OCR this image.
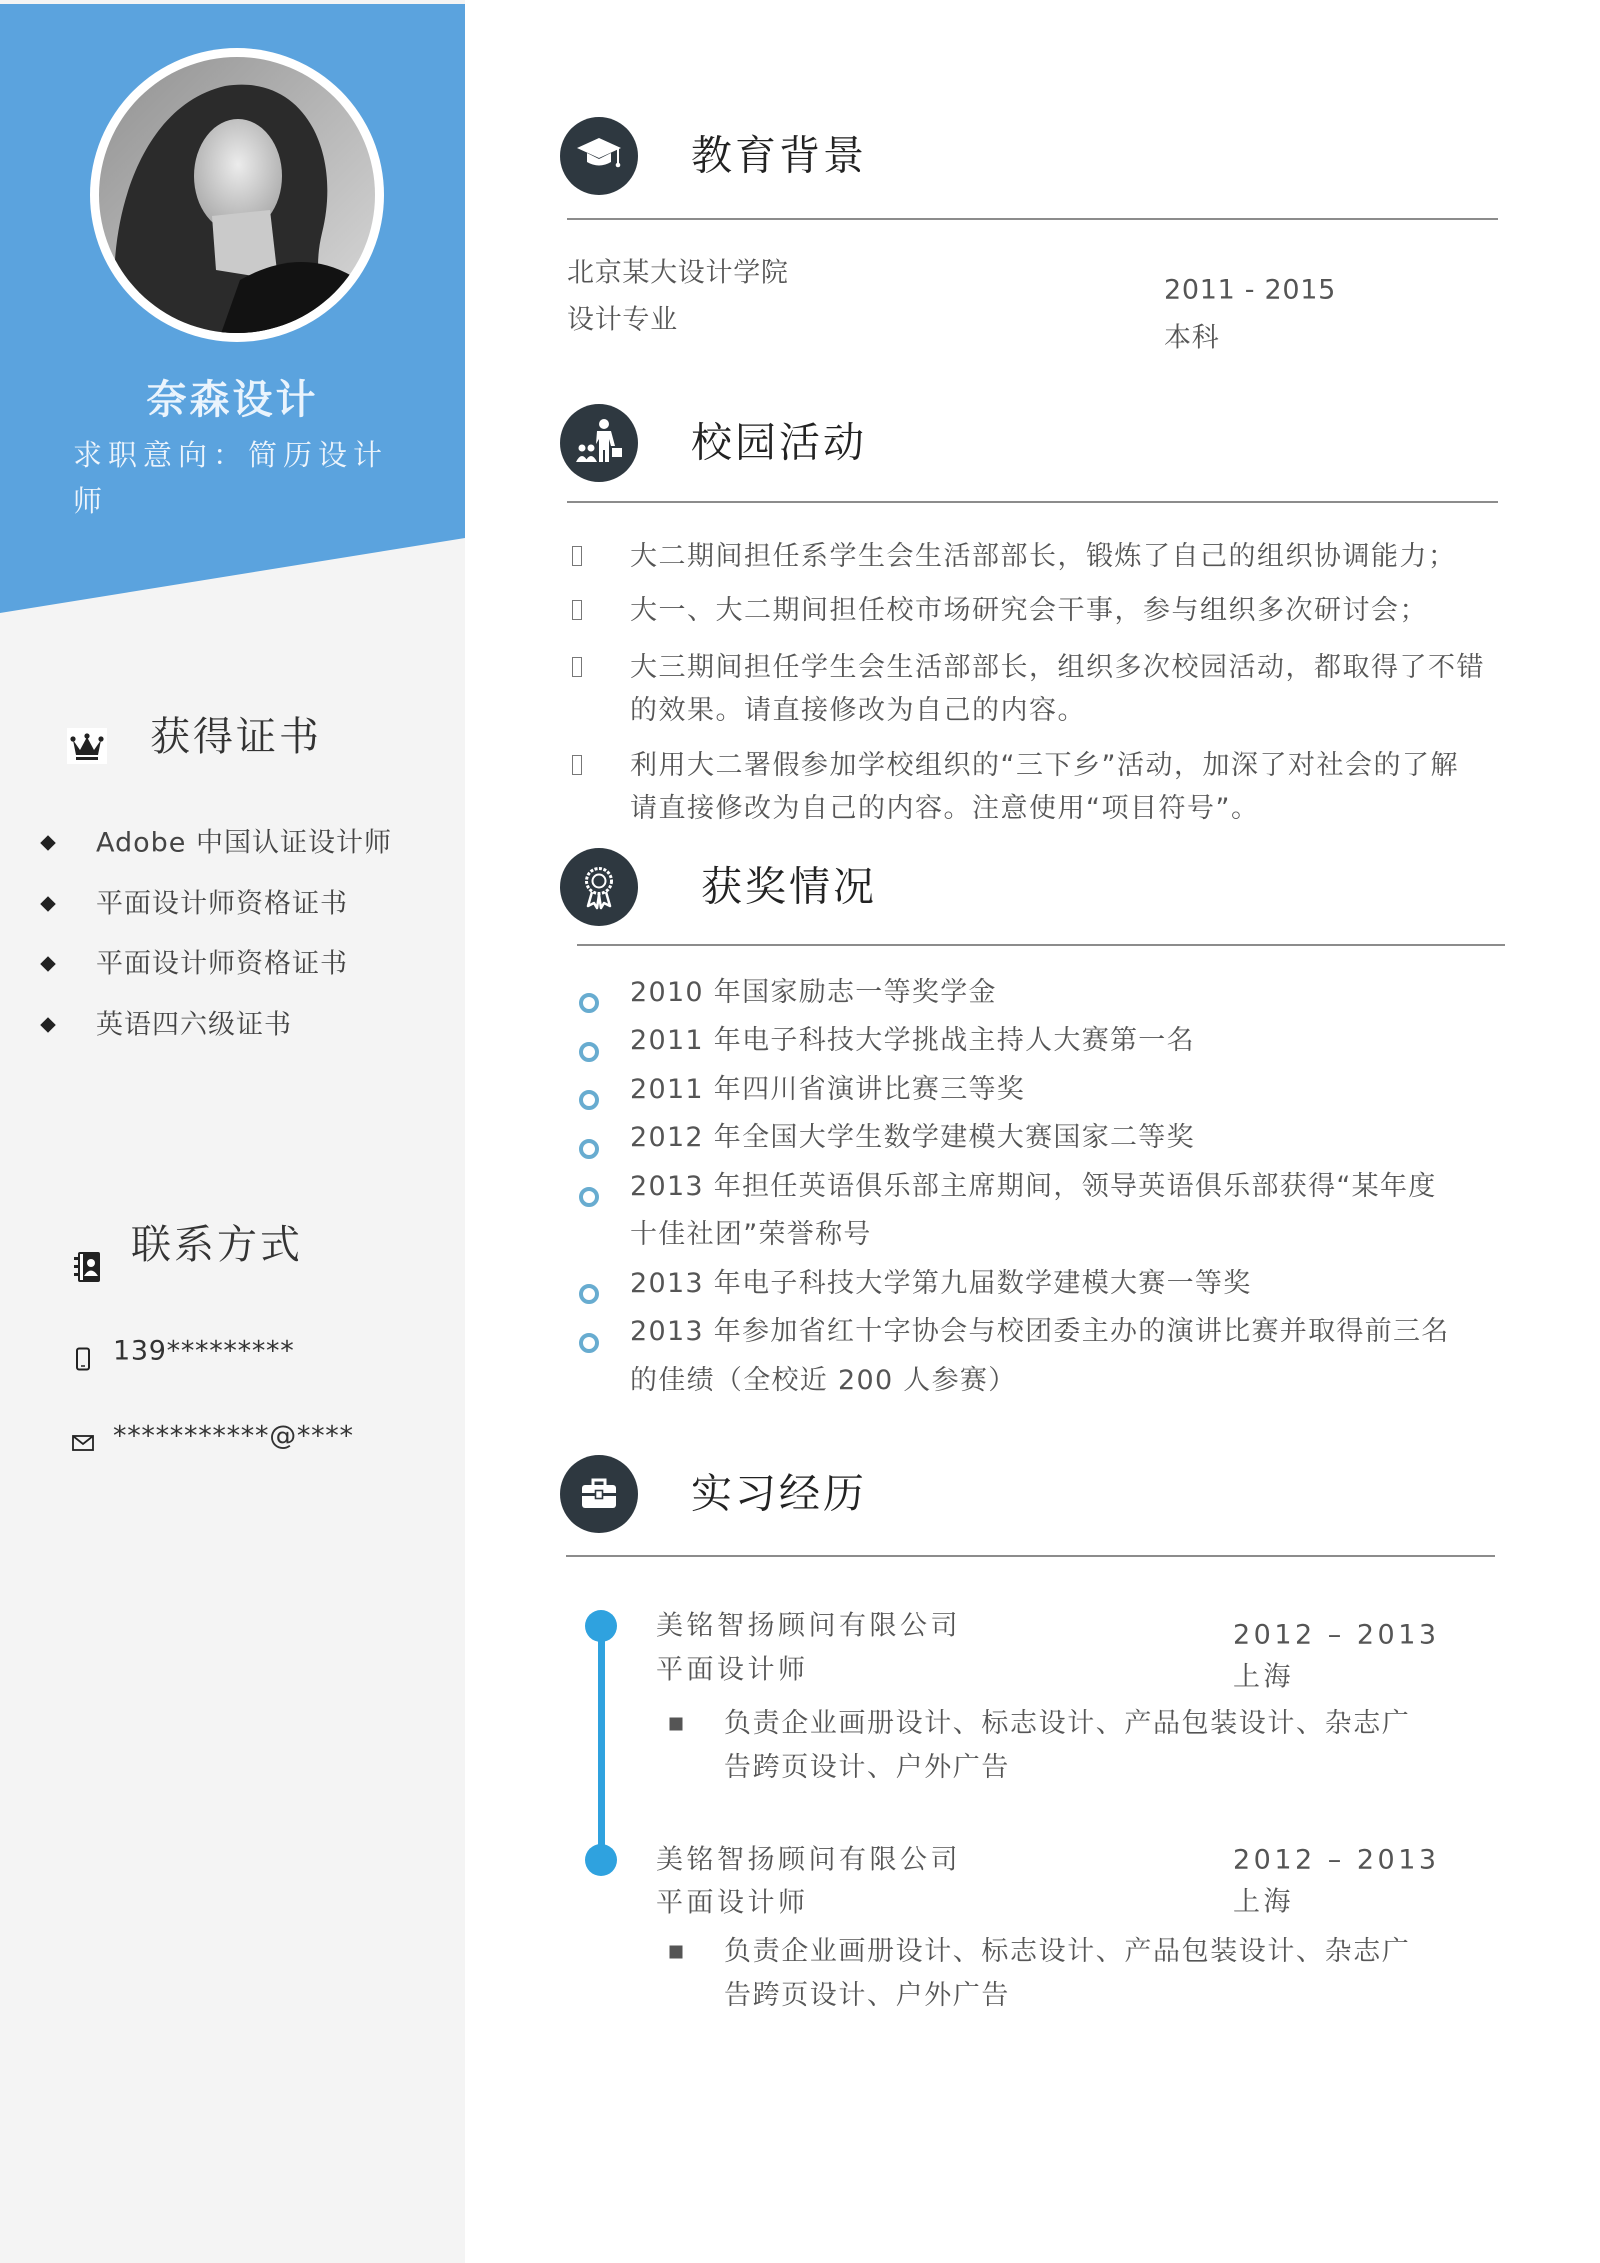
奈森设计
求职意向：简历设计师
获得证书
Adobe 中国认证设计师
平面设计师资格证书
平面设计师资格证书
英语四六级证书
联系方式
139*********
***********@****
教育背景
北京某大设计学院
设计专业
2011 - 2015
本科
校园活动
大二期间担任系学生会生活部部长，锻炼了自己的组织协调能力；
大一、大二期间担任校市场研究会干事，参与组织多次研讨会；
大三期间担任学生会生活部部长，组织多次校园活动，都取得了不错
的效果。请直接修改为自己的内容。
利用大二署假参加学校组织的“三下乡”活动，加深了对社会的了解
请直接修改为自己的内容。注意使用“项目符号”。
获奖情况
2010 年国家励志一等奖学金
2011 年电子科技大学挑战主持人大赛第一名
2011 年四川省演讲比赛三等奖
2012 年全国大学生数学建模大赛国家二等奖
2013 年担任英语俱乐部主席期间，领导英语俱乐部获得“某年度
十佳社团”荣誉称号
2013 年电子科技大学第九届数学建模大赛一等奖
2013 年参加省红十字协会与校团委主办的演讲比赛并取得前三名
的佳绩（全校近 200 人参赛）
实习经历
美铭智扬顾问有限公司
平面设计师
2012 – 2013
上海
负责企业画册设计、标志设计、产品包装设计、杂志广
告跨页设计、户外广告
美铭智扬顾问有限公司
平面设计师
2012 – 2013
上海
负责企业画册设计、标志设计、产品包装设计、杂志广
告跨页设计、户外广告
